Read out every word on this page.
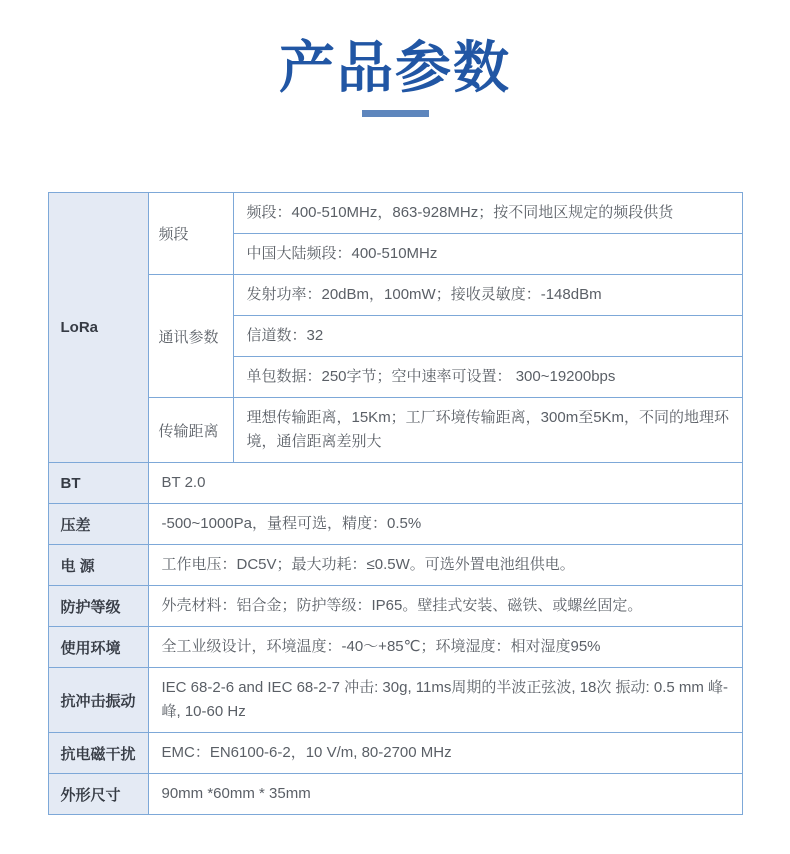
产品参数
LoRa	频段	频段：400-510MHz，863-928MHz；按不同地区规定的频段供货
		中国大陆频段：400-510MHz
	通讯参数	发射功率：20dBm，100mW；接收灵敏度：-148dBm
		信道数：32
		单包数据：250字节；空中速率可设置： 300~19200bps
	传输距离	理想传输距离，15Km；工厂环境传输距离，300m至5Km，不同的地理环境，通信距离差别大
BT	BT 2.0	
压差	-500~1000Pa，量程可选，精度：0.5%	
电 源	工作电压：DC5V；最大功耗：≤0.5W。可选外置电池组供电。	
防护等级	外壳材料：铝合金；防护等级：IP65。壁挂式安装、磁铁、或螺丝固定。	
使用环境	全工业级设计，环境温度：-40～+85℃；环境湿度：相对湿度95%	
抗冲击振动	IEC 68-2-6 and IEC 68-2-7 冲击: 30g, 11ms周期的半波正弦波, 18次 振动: 0.5 mm 峰-峰, 10-60 Hz	
抗电磁干扰	EMC：EN6100-6-2，10 V/m, 80-2700 MHz	
外形尺寸	90mm *60mm * 35mm	
